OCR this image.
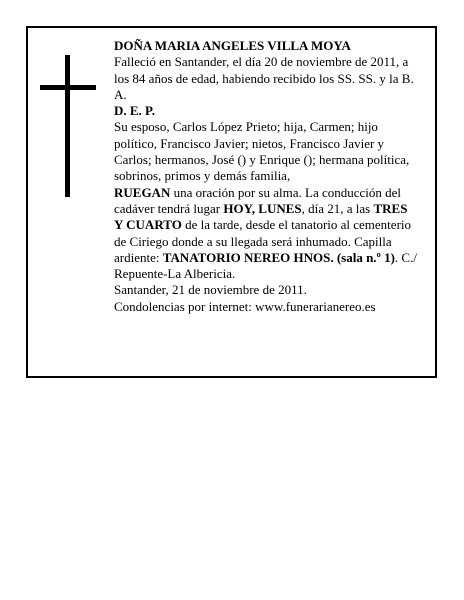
DOÑA MARIA ANGELES VILLA MOYA

Falleció en Santander, el día 20 de noviembre de 2011, a los 84 años de edad, habiendo recibido los SS. SS. y la B. A.

D. E. P.

Su esposo, Carlos López Prieto; hija, Carmen; hijo político, Francisco Javier; nietos, Francisco Javier y Carlos; hermanos, José () y Enrique (); hermana política, sobrinos, primos y demás familia,

RUEGAN una oración por su alma. La conducción del cadáver tendrá lugar HOY, LUNES, día 21, a las TRES Y CUARTO de la tarde, desde el tanatorio al cementerio de Ciriego donde a su llegada será inhumado. Capilla ardiente: TANATORIO NEREO HNOS. (sala n.º 1). C./ Repuente-La Albericia.

Santander, 21 de noviembre de 2011.

Condolencias por internet: www.funerarianereo.es
